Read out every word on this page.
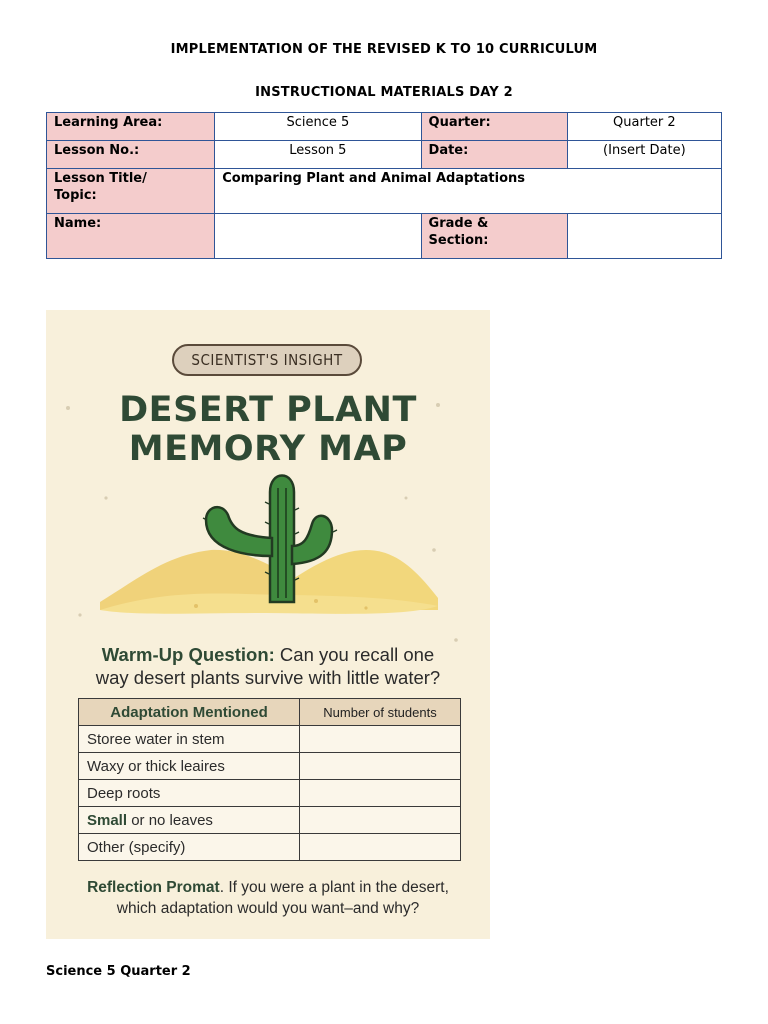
IMPLEMENTATION OF THE REVISED K TO 10 CURRICULUM
INSTRUCTIONAL MATERIALS DAY 2
Learning Area:	Science 5	Quarter:	Quarter 2
Lesson No.:	Lesson 5	Date:	(Insert Date)

Lesson Title/
Topic:	Comparing Plant and Animal Adaptations		
Name:		Grade &
Section:	

SCIENTIST'S INSIGHT
DESERT PLANT
MEMORY MAP
Warm-Up Question: Can you recall one
way desert plants survive with little water?
Adaptation Mentioned	Number of students
Storee water in stem	
Waxy or thick leaires	
Deep roots	
Small or no leaves	
Other (specify)	
Reflection Promat. If you were a plant in the desert,
which adaptation would you want–and why?
Science 5 Quarter 2
